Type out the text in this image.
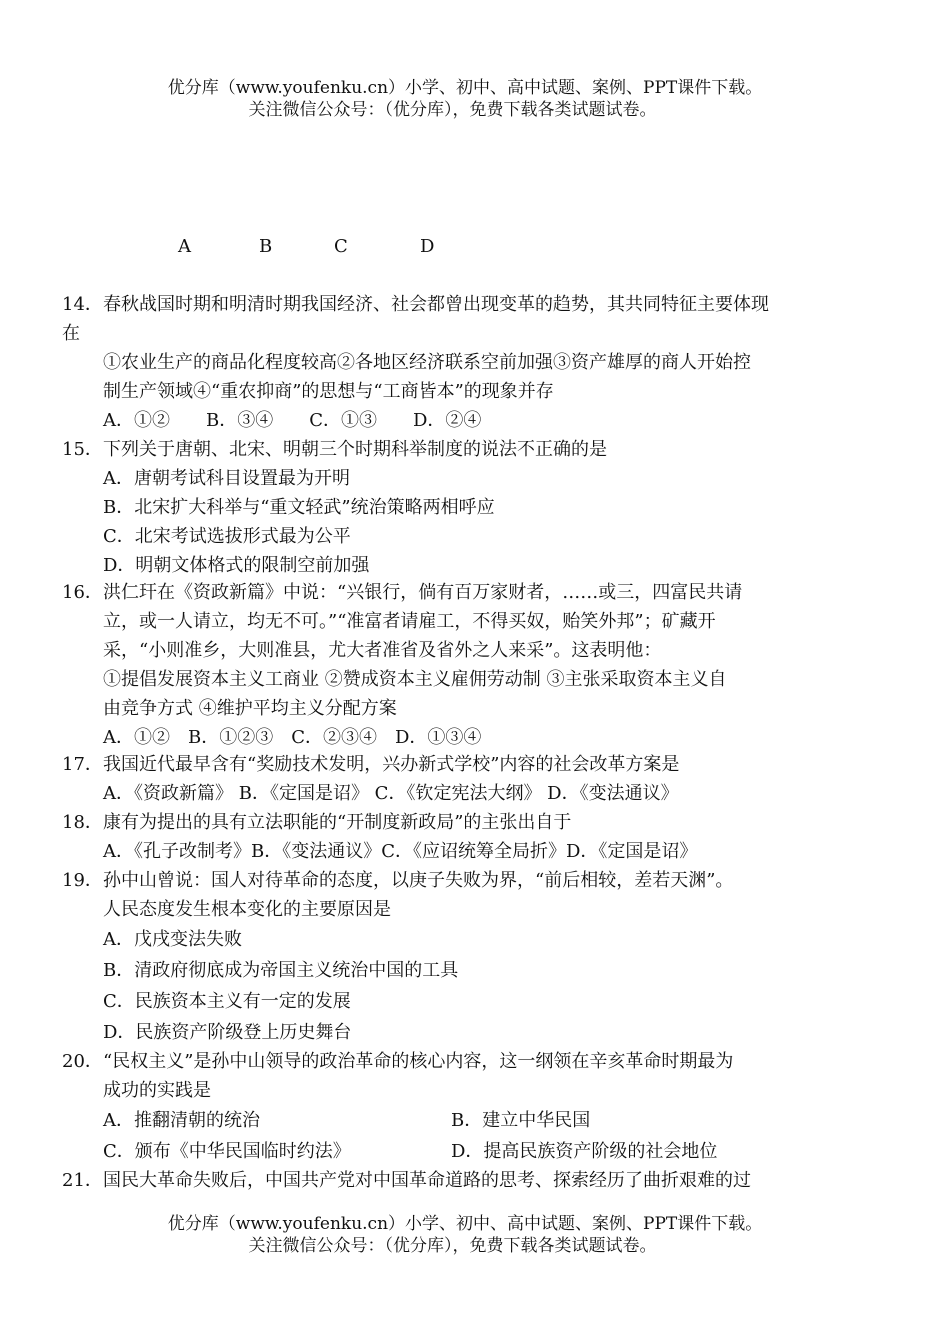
优分库（www.youfenku.cn）小学、初中、高中试题、案例、PPT课件下载。
关注微信公众号：（优分库），免费下载各类试题试卷。
A	B	C	D
14． 春秋战国时期和明清时期我国经济、社会都曾出现变革的趋势，其共同特征主要体现
在
①农业生产的商品化程度较高②各地区经济联系空前加强③资产雄厚的商人开始控
制生产领域④“重农抑商”的思想与“工商皆本”的现象并存
A．①②　　B．③④　　C．①③　　D．②④
15． 下列关于唐朝、北宋、明朝三个时期科举制度的说法不正确的是
A．唐朝考试科目设置最为开明
B．北宋扩大科举与“重文轻武”统治策略两相呼应
C．北宋考试选拔形式最为公平
D．明朝文体格式的限制空前加强
16． 洪仁玕在《资政新篇》中说：“兴银行，倘有百万家财者，……或三，四富民共请
立，或一人请立，均无不可。”“准富者请雇工，不得买奴，贻笑外邦”；矿藏开
采，“小则准乡，大则准县，尤大者准省及省外之人来采”。这表明他：
①提倡发展资本主义工商业 ②赞成资本主义雇佣劳动制 ③主张采取资本主义自
由竞争方式 ④维护平均主义分配方案
A．①②　B．①②③　C．②③④　D．①③④
17． 我国近代最早含有“奖励技术发明，兴办新式学校”内容的社会改革方案是
A．《资政新篇》 B．《定国是诏》 C．《钦定宪法大纲》 D．《变法通议》
18． 康有为提出的具有立法职能的“开制度新政局”的主张出自于
A．《孔子改制考》B．《变法通议》C．《应诏统筹全局折》D．《定国是诏》
19． 孙中山曾说：国人对待革命的态度，以庚子失败为界，“前后相较，差若天渊”。
人民态度发生根本变化的主要原因是
A．戊戌变法失败
B．清政府彻底成为帝国主义统治中国的工具
C．民族资本主义有一定的发展
D．民族资产阶级登上历史舞台
20． “民权主义”是孙中山领导的政治革命的核心内容，这一纲领在辛亥革命时期最为
成功的实践是
A．推翻清朝的统治	B．建立中华民国
C．颁布《中华民国临时约法》	D．提高民族资产阶级的社会地位
21． 国民大革命失败后，中国共产党对中国革命道路的思考、探索经历了曲折艰难的过
优分库（www.youfenku.cn）小学、初中、高中试题、案例、PPT课件下载。
关注微信公众号：（优分库），免费下载各类试题试卷。
